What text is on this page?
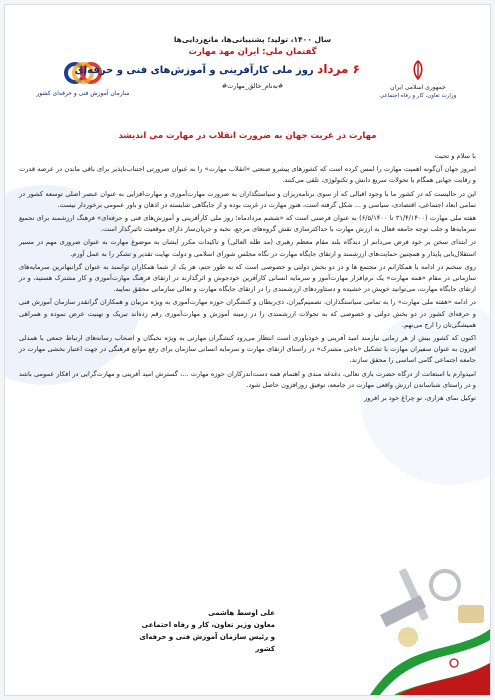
سازمان آموزش فنی و حرفه‌ای کشور
سال ۱۴۰۰، تولید؛ پشتیبانی‌ها، مانع‌زدایی‌ها
گفتمان ملی: ایران مهد مهارت
۶ مرداد روز ملی کارآفرینی و آموزش‌های فنی و حرفه‌ای
#به‌نام_خالق_مهارت#	جمهوری اسلامی ایران
وزارت تعاون، کار و رفاه اجتماعی
مهارت در غربت جهان به ضرورت انقلاب در مهارت می اندیشد

با سلام و تحیت

امروز جهان آن‌گونه اهمیت مهارت را لمس کرده است که کشورهای پیشرو صنعتی «انقلاب مهارت» را به عنوان ضرورتی اجتناب‌ناپذیر برای باقی ماندن در عرصه قدرت و رقابت جهانی همگام با تحولات سریع دانش و تکنولوژی، تلقی می‌کنند.

این در حالیست که در کشور ما با وجود اقبالی که از سوی برنامه‌ریزان و سیاستگذاران به ضرورت مهارت‌آموزی و مهارت‌افزایی به عنوان عنصر اصلی توسعه کشور در تمامی ابعاد اجتماعی، اقتصادی، سیاسی و ... شکل گرفته است، هنوز مهارت در غربت بوده و از جایگاهی شایسته در اذهان و باور عمومی برخوردار نیست.

هفته ملی مهارت (۳۱/۴/۱۴۰۰ تا ۶/۵/۱۴۰۰) به عنوان فرصتی است که «ششم مردادماه؛ روز ملی کارآفرینی و آموزش‌های فنی و حرفه‌ای» فرهنگ ارزشمند برای تجمیع سرمایه‌ها و جلب توجه جامعه فعال به ارزش مهارت با حداکثرسازی نقش گروه‌های مرجع، نخبه و جریان‌ساز دارای موقعیت تاثیرگذار است.

در ابتدای سخن بر خود فرض می‌دانم از دیدگاه بلند مقام معظم رهبری (مد ظله العالی) و تاکیدات مکرر ایشان به موضوع مهارت به عنوان ضروری مهم در مسیر استقلال‌یابی پایدار و همچنین حمایت‌های ارزشمند و ارتقای جایگاه مهارت در نگاه مجلس شورای اسلامی و دولت نهایت تقدیر و تشکر را به عمل آورم.

روی سخنم در ادامه با همکارانم در مجتمع ها و در دو بخش دولتی و خصوصی است که به طور حتم، هر یک از شما همکاران توانمند به عنوان گرانبهاترین سرمایه‌های سازمانی در مقام «همه مهارت» یک نرم‌افزار مهارت‌آموز و سرمایه انسانی کارآفرین خودجوش و اثرگذارند در ارتقای فرهنگ مهارت‌آموزی و کار مشترک هستید، و در ارتقای جایگاه مهارت، می‌توانید خویش در خشیده و دستاوردهای ارزشمندی را در ارتقای جایگاه مهارت و تعالی سازمانی محقق نمایید.

در ادامه «هفته ملی مهارت» را به تمامی سیاستگذاران، تصمیم‌گیران، ذی‌ربطان و کنشگران حوزه مهارت‌آموزی به ویژه مربیان و همکاران گرانقدر سازمان آموزش فنی و حرفه‌ای کشور در دو بخش دولتی و خصوصی که به تحولات ارزشمندی را در زمینه آموزش و مهارت‌آموزی رقم زده‌اند تبریک و تهنیت عرض نموده و همراهی همیشگی‌تان را ارج می‌نهم.

اکنون که کشور بیش از هر زمانی نیازمند امید آفرینی و خودباوری است انتظار می‌رود کنشگران مهارتی به ویژه نخبگان و اصحاب رسانه‌های ارتباط جمعی با همدلی افزون به عنوان سفیران مهارت با تشکیل «باجی مشترک» در راستای ارتقای مهارت و سرمایه انسانی سازمان برای رفع موانع فرهنگی در جهت اعتبار بخشی مهارت در جامعه اجتماعی گامی اساسی را محقق سازند.

امیدوارم با استعانت از درگاه حضرت باری تعالی، دغدغه مندی و اهتمام همه دست‌اندرکاران حوزه مهارت ...، گسترش امید آفرینی و مهارت‌گرایی در افکار عمومی باشد و در راستای شناساندن ارزش واقعی مهارت در جامعه، توفیق روزافزون حاصل شود.

توکیل نمای هزاری، تو چراغ خود بر افروز

علی اوسط هاشمی
معاون وزیر تعاون، کار و رفاه اجتماعی
و رئیس سازمان آموزش فنی و حرفه‌ای کشور
